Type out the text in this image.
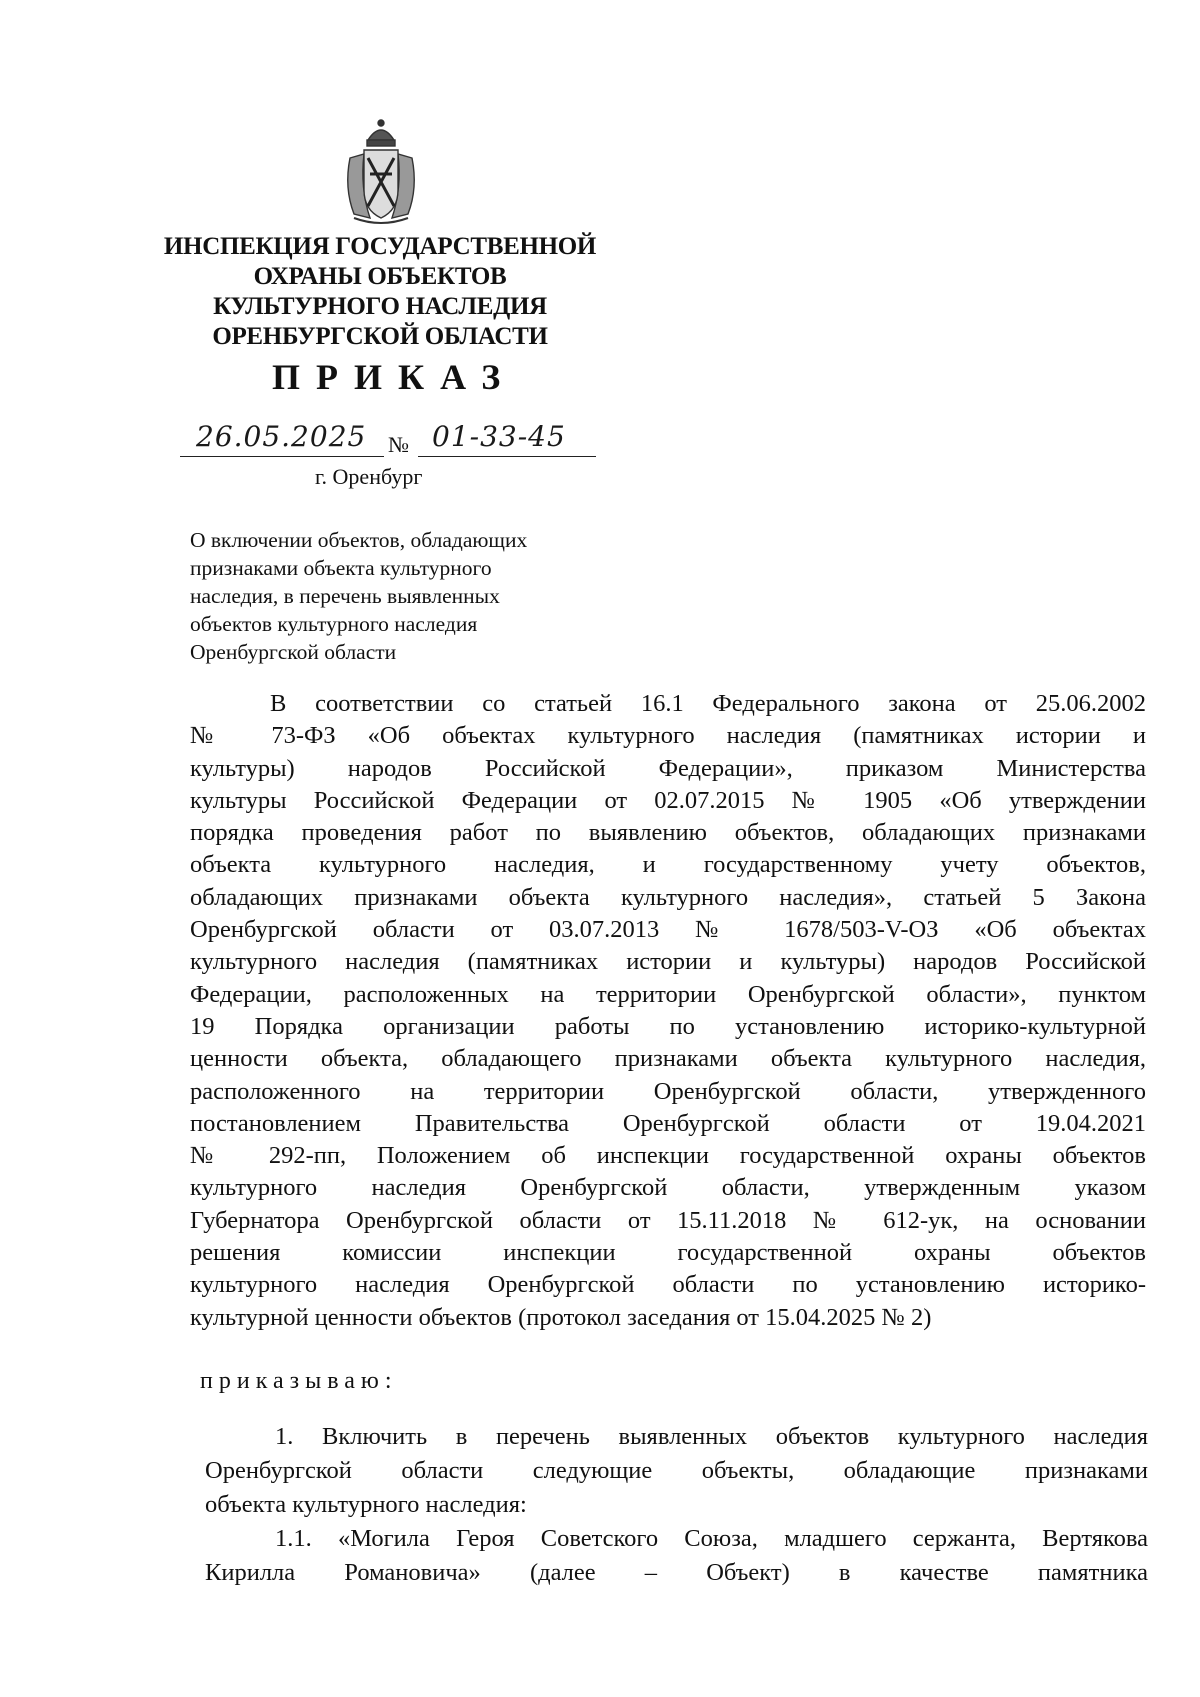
ИНСПЕКЦИЯ ГОСУДАРСТВЕННОЙ
ОХРАНЫ ОБЪЕКТОВ
КУЛЬТУРНОГО НАСЛЕДИЯ
ОРЕНБУРГСКОЙ ОБЛАСТИ
ПРИКАЗ
26.05.2025 № 01-33-45
г. Оренбург
О включении объектов, обладающих
признаками объекта культурного
наследия, в перечень выявленных
объектов культурного наследия
Оренбургской области
В соответствии со статьей 16.1 Федерального закона от 25.06.2002
№ 73-ФЗ «Об объектах культурного наследия (памятниках истории и
культуры) народов Российской Федерации», приказом Министерства
культуры Российской Федерации от 02.07.2015 № 1905 «Об утверждении
порядка проведения работ по выявлению объектов, обладающих признаками
объекта культурного наследия, и государственному учету объектов,
обладающих признаками объекта культурного наследия», статьей 5 Закона
Оренбургской области от 03.07.2013 № 1678/503-V-ОЗ «Об объектах
культурного наследия (памятниках истории и культуры) народов Российской
Федерации, расположенных на территории Оренбургской области», пунктом
19 Порядка организации работы по установлению историко-культурной
ценности объекта, обладающего признаками объекта культурного наследия,
расположенного на территории Оренбургской области, утвержденного
постановлением Правительства Оренбургской области от 19.04.2021
№ 292-пп, Положением об инспекции государственной охраны объектов
культурного наследия Оренбургской области, утвержденным указом
Губернатора Оренбургской области от 15.11.2018 № 612-ук, на основании
решения комиссии инспекции государственной охраны объектов
культурного наследия Оренбургской области по установлению историко-
культурной ценности объектов (протокол заседания от 15.04.2025 № 2)
приказываю:
1. Включить в перечень выявленных объектов культурного наследия
Оренбургской области следующие объекты, обладающие признаками
объекта культурного наследия:
1.1. «Могила Героя Советского Союза, младшего сержанта, Вертякова
Кирилла Романовича» (далее – Объект) в качестве памятника
